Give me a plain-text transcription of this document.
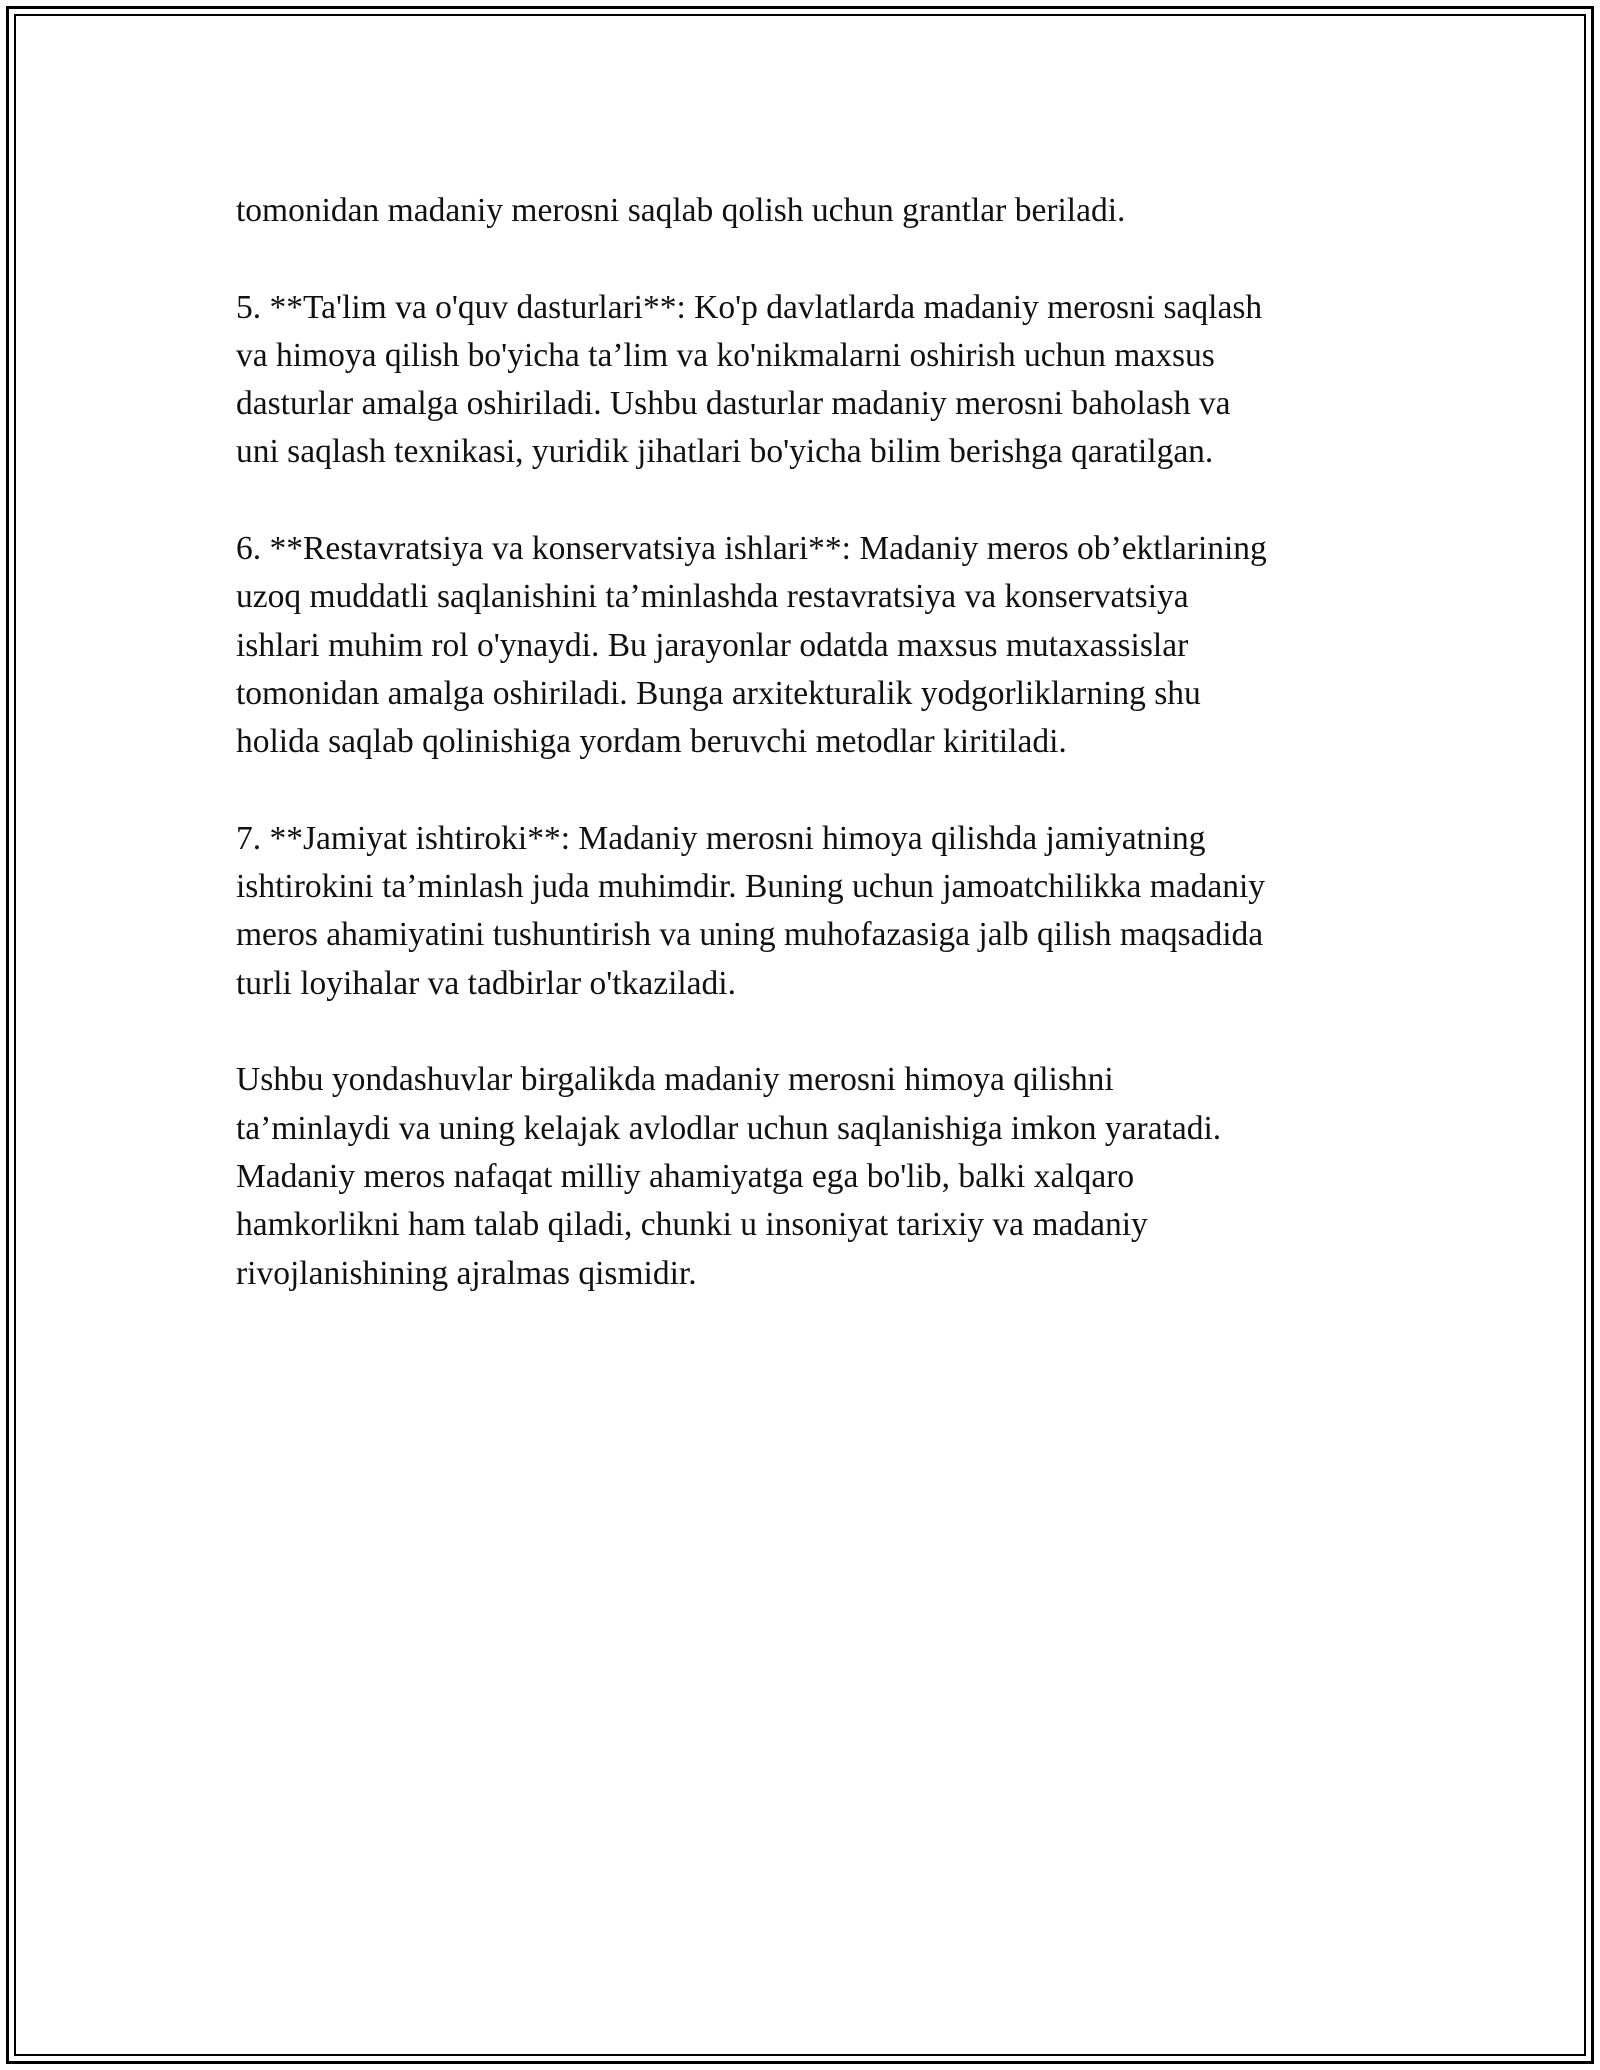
tomonidan madaniy merosni saqlab qolish uchun grantlar beriladi.

5. **Ta'lim va o'quv dasturlari**: Ko'p davlatlarda madaniy merosni saqlash
va himoya qilish bo'yicha ta’lim va ko'nikmalarni oshirish uchun maxsus
dasturlar amalga oshiriladi. Ushbu dasturlar madaniy merosni baholash va
uni saqlash texnikasi, yuridik jihatlari bo'yicha bilim berishga qaratilgan.

6. **Restavratsiya va konservatsiya ishlari**: Madaniy meros ob’ektlarining
uzoq muddatli saqlanishini ta’minlashda restavratsiya va konservatsiya
ishlari muhim rol o'ynaydi. Bu jarayonlar odatda maxsus mutaxassislar
tomonidan amalga oshiriladi. Bunga arxitekturalik yodgorliklarning shu
holida saqlab qolinishiga yordam beruvchi metodlar kiritiladi.

7. **Jamiyat ishtiroki**: Madaniy merosni himoya qilishda jamiyatning
ishtirokini ta’minlash juda muhimdir. Buning uchun jamoatchilikka madaniy
meros ahamiyatini tushuntirish va uning muhofazasiga jalb qilish maqsadida
turli loyihalar va tadbirlar o'tkaziladi.

Ushbu yondashuvlar birgalikda madaniy merosni himoya qilishni
ta’minlaydi va uning kelajak avlodlar uchun saqlanishiga imkon yaratadi.
Madaniy meros nafaqat milliy ahamiyatga ega bo'lib, balki xalqaro
hamkorlikni ham talab qiladi, chunki u insoniyat tarixiy va madaniy
rivojlanishining ajralmas qismidir.
